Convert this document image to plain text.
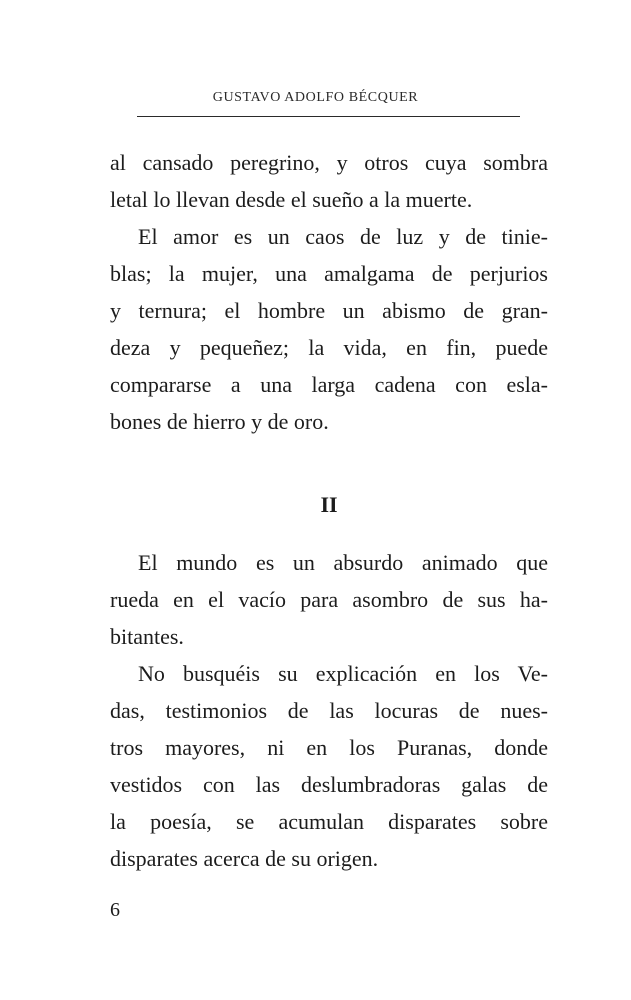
GUSTAVO ADOLFO BÉCQUER
al cansado peregrino, y otros cuya sombra
letal lo llevan desde el sueño a la muerte.
El amor es un caos de luz y de tinie-
blas; la mujer, una amalgama de perjurios
y ternura; el hombre un abismo de gran-
deza y pequeñez; la vida, en fin, puede
compararse a una larga cadena con esla-
bones de hierro y de oro.
II
El mundo es un absurdo animado que
rueda en el vacío para asombro de sus ha-
bitantes.
No busquéis su explicación en los Ve-
das, testimonios de las locuras de nues-
tros mayores, ni en los Puranas, donde
vestidos con las deslumbradoras galas de
la poesía, se acumulan disparates sobre
disparates acerca de su origen.
6
